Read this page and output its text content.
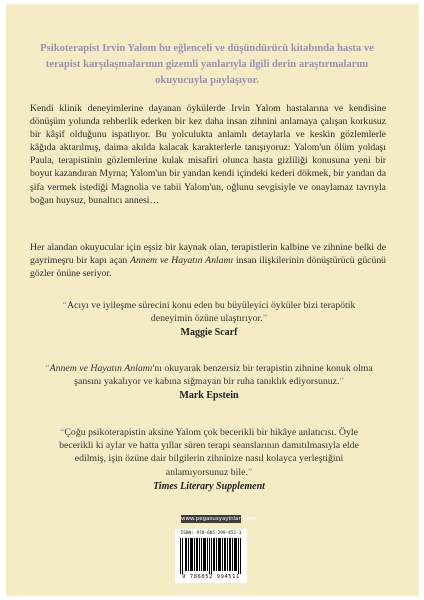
Psikoterapist Irvin Yalom bu eğlenceli ve düşündürücü kitabında hasta ve terapist karşılaşmalarının gizemli yanlarıyla ilgili derin araştırmalarını okuyucuyla paylaşıyor.

Kendi klinik deneyimlerine dayanan öykülerde Irvin Yalom hastalarına ve kendisine dönüşüm yolunda rehberlik ederken bir kez daha insan zihnini anlamaya çalışan korkusuz bir kâşif olduğunu ispatlıyor. Bu yolculukta anlamlı detaylarla ve keskin gözlemlerle kâğıda aktarılmış, daima akılda kalacak karakterlerle tanışıyoruz: Yalom'un ölüm yoldaşı Paula, terapistinin gözlemlerine kulak misafiri olunca hasta gizliliği konusuna yeni bir boyut kazandıran Myrna; Yalom'un bir yandan kendi içindeki kederi dökmek, bir yandan da şifa vermek istediği Magnolia ve tabii Yalom'un, oğlunu sevgisiyle ve onaylamaz tavrıyla boğan huysuz, bunaltıcı annesi…

Her alandan okuyucular için eşsiz bir kaynak olan, terapistlerin kalbine ve zihnine belki de gayrimeşru bir kapı açan Annem ve Hayatın Anlamı insan ilişkilerinin dönüştürücü gücünü gözler önüne seriyor.

“Acıyı ve iyileşme sürecini konu eden bu büyüleyici öyküler bizi terapötik deneyimin özüne ulaştırıyor.”
Maggie Scarf

“Annem ve Hayatın Anlamı'nı okuyarak benzersiz bir terapistin zihnine konuk olma şansını yakalıyor ve kabına sığmayan bir ruha tanıklık ediyorsunuz.”
Mark Epstein

“Çoğu psikoterapistin aksine Yalom çok becerikli bir hikâye anlatıcısı. Öyle becerikli ki aylar ve hatta yıllar süren terapi seanslarının damıtılmasıyla elde edilmiş, işin özüne dair bilgilerin zihninize nasıl kolayca yerleştiğini anlamıyorsunuz bile.”
Times Literary Supplement

www.pegasusyayinlari.com
ISBN: 978-605-299-451-1
9 786052 994511
